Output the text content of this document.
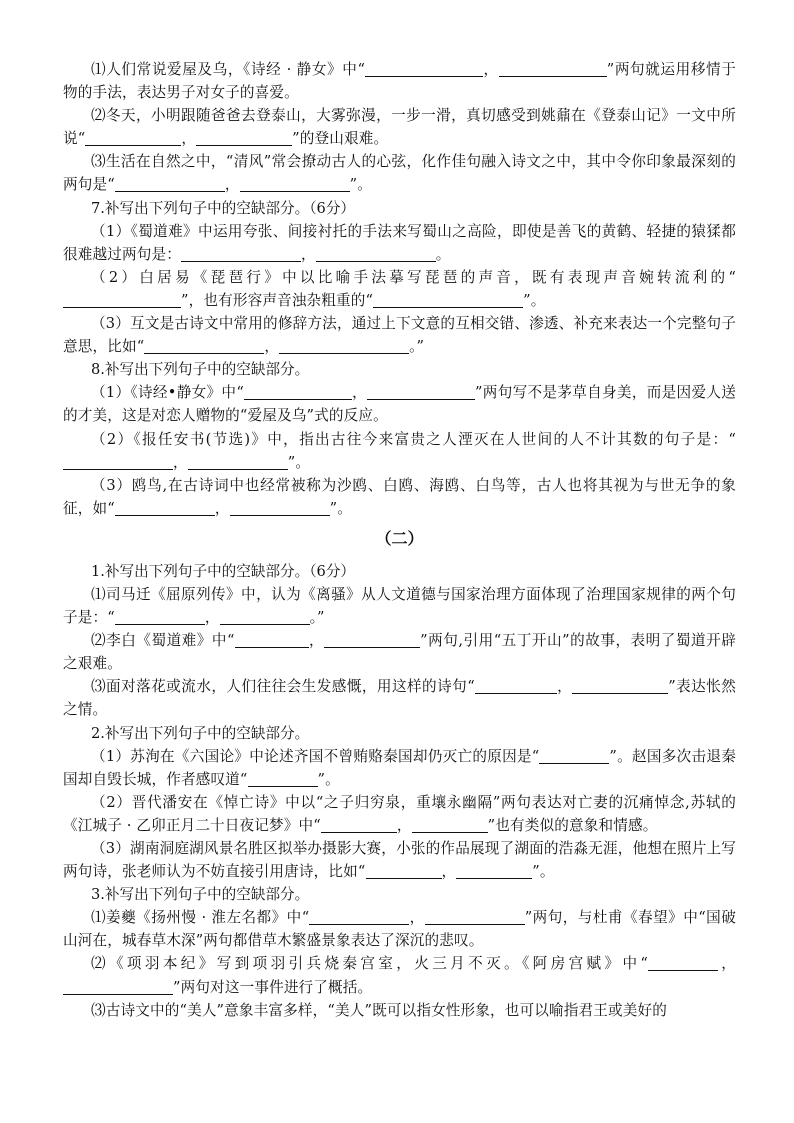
⑴人们常说爱屋及乌，《诗经 · 静女》中“	，	”两句就运用移情于物的手法，表达男子对女子的喜爱。

⑵冬天，小明跟随爸爸去登泰山，大雾弥漫，一步一滑，真切感受到姚鼐在《登泰山记》一文中所说“	，	”的登山艰难。

⑶生活在自然之中，“清风”常会撩动古人的心弦，化作佳句融入诗文之中，其中令你印象最深刻的两句是“	，	”。

7.补写出下列句子中的空缺部分。（6分）

（1）《蜀道难》中运用夸张、间接衬托的手法来写蜀山之高险，即使是善飞的黄鹤、轻捷的猿猱都很难越过两句是：	，	。

（2）白居易《琵琶行》中以比喻手法摹写琵琶的声音，既有表现声音婉转流利的“”，也有形容声音浊杂粗重的“	”。

（3）互文是古诗文中常用的修辞方法，通过上下文意的互相交错、渗透、补充来表达一个完整句子意思，比如“	，	。”

8.补写出下列句子中的空缺部分。

（1）《诗经•静女》中“	，	”两句写不是茅草自身美，而是因爱人送的才美，这是对恋人赠物的“爱屋及乌”式的反应。

（2）《报任安书(节选)》中，指出古往今来富贵之人湮灭在人世间的人不计其数的句子是：“，	”。

（3）鸥鸟,在古诗词中也经常被称为沙鸥、白鸥、海鸥、白鸟等，古人也将其视为与世无争的象征，如“	，	”。

（二）

1.补写出下列句子中的空缺部分。（6分）

⑴司马迁《屈原列传》中，认为《离骚》从人文道德与国家治理方面体现了治理国家规律的两个句子是：“	，	。”

⑵李白《蜀道难》中“	，	”两句,引用“五丁开山”的故事，表明了蜀道开辟之艰难。

⑶面对落花或流水，人们往往会生发感慨，用这样的诗句“	，	”表达怅然之情。

2.补写出下列句子中的空缺部分。

（1）苏洵在《六国论》中论述齐国不曾贿赂秦国却仍灭亡的原因是“	”。赵国多次击退秦国却自毁长城，作者感叹道“	”。

（2）晋代潘安在《悼亡诗》中以“之子归穷泉，重壤永幽隔”两句表达对亡妻的沉痛悼念,苏轼的《江城子 · 乙卯正月二十日夜记梦》中“	，	”也有类似的意象和情感。

（3）湖南洞庭湖风景名胜区拟举办摄影大赛，小张的作品展现了湖面的浩淼无涯，他想在照片上写两句诗，张老师认为不妨直接引用唐诗，比如“	，	”。

3.补写出下列句子中的空缺部分。

⑴姜夔《扬州慢 · 淮左名都》中“	，	”两句，与杜甫《春望》中“国破山河在，城春草木深”两句都借草木繁盛景象表达了深沉的悲叹。

⑵《项羽本纪》写到项羽引兵烧秦宫室，火三月不灭。《阿房宫赋》中“	，”两句对这一事件进行了概括。

⑶古诗文中的“美人”意象丰富多样，“美人”既可以指女性形象，也可以喻指君王或美好的
